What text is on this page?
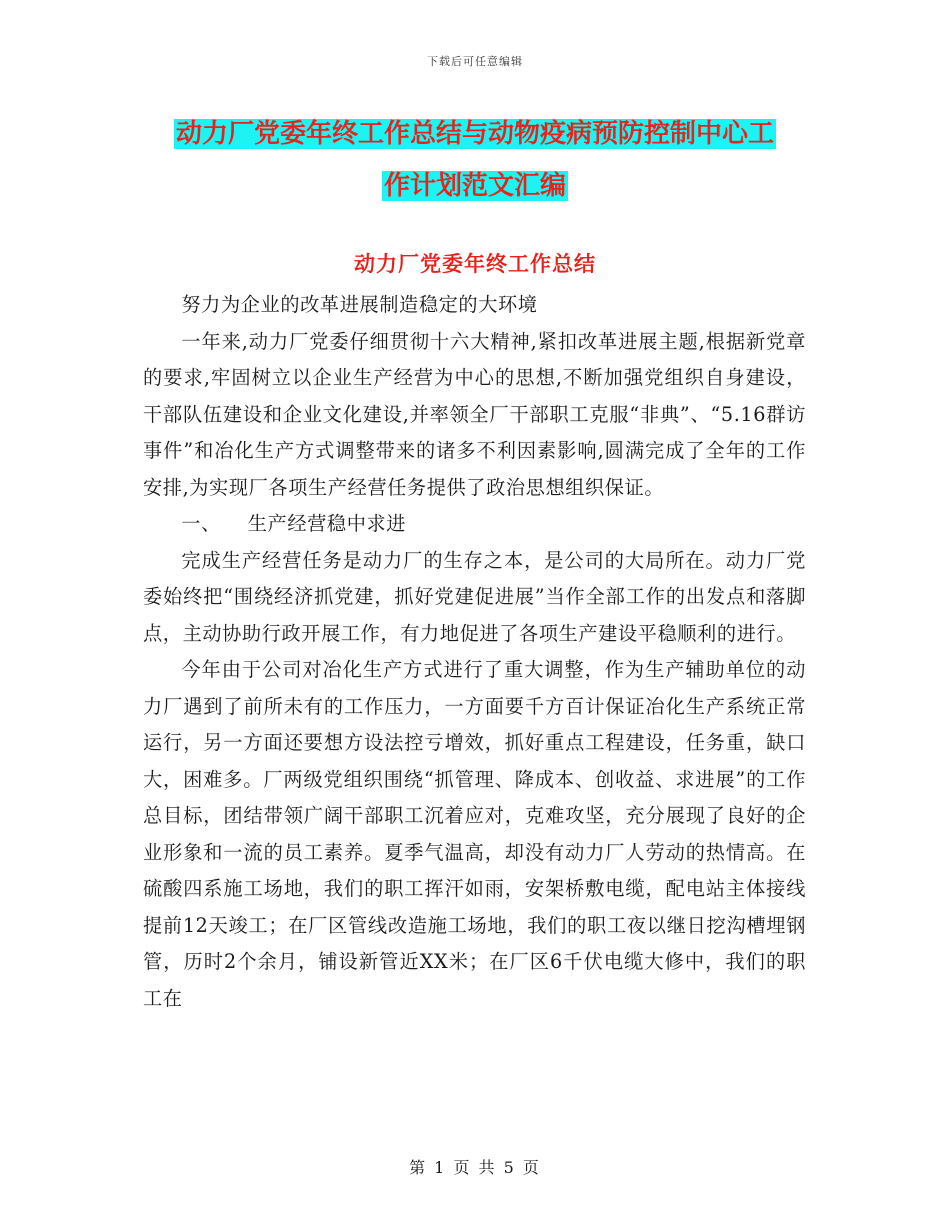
下载后可任意编辑
动力厂党委年终工作总结与动物疫病预防控制中心工
作计划范文汇编
动力厂党委年终工作总结

努力为企业的改革进展制造稳定的大环境

一年来,动力厂党委仔细贯彻十六大精神,紧扣改革进展主题,根据新党章的要求,牢固树立以企业生产经营为中心的思想,不断加强党组织自身建设，干部队伍建设和企业文化建设,并率领全厂干部职工克服“非典”、“5.16群访事件”和冶化生产方式调整带来的诸多不利因素影响,圆满完成了全年的工作安排,为实现厂各项生产经营任务提供了政治思想组织保证。

一、    生产经营稳中求进

完成生产经营任务是动力厂的生存之本，是公司的大局所在。动力厂党委始终把“围绕经济抓党建，抓好党建促进展”当作全部工作的出发点和落脚点，主动协助行政开展工作，有力地促进了各项生产建设平稳顺利的进行。

今年由于公司对冶化生产方式进行了重大调整，作为生产辅助单位的动力厂遇到了前所未有的工作压力，一方面要千方百计保证冶化生产系统正常运行，另一方面还要想方设法控亏增效，抓好重点工程建设，任务重，缺口大，困难多。厂两级党组织围绕“抓管理、降成本、创收益、求进展”的工作总目标，团结带领广阔干部职工沉着应对，克难攻坚，充分展现了良好的企业形象和一流的员工素养。夏季气温高，却没有动力厂人劳动的热情高。在硫酸四系施工场地，我们的职工挥汗如雨，安架桥敷电缆，配电站主体接线提前12天竣工；在厂区管线改造施工场地，我们的职工夜以继日挖沟槽埋钢管，历时2个余月，铺设新管近XX米；在厂区6千伏电缆大修中，我们的职工在

第 1 页 共 5 页
